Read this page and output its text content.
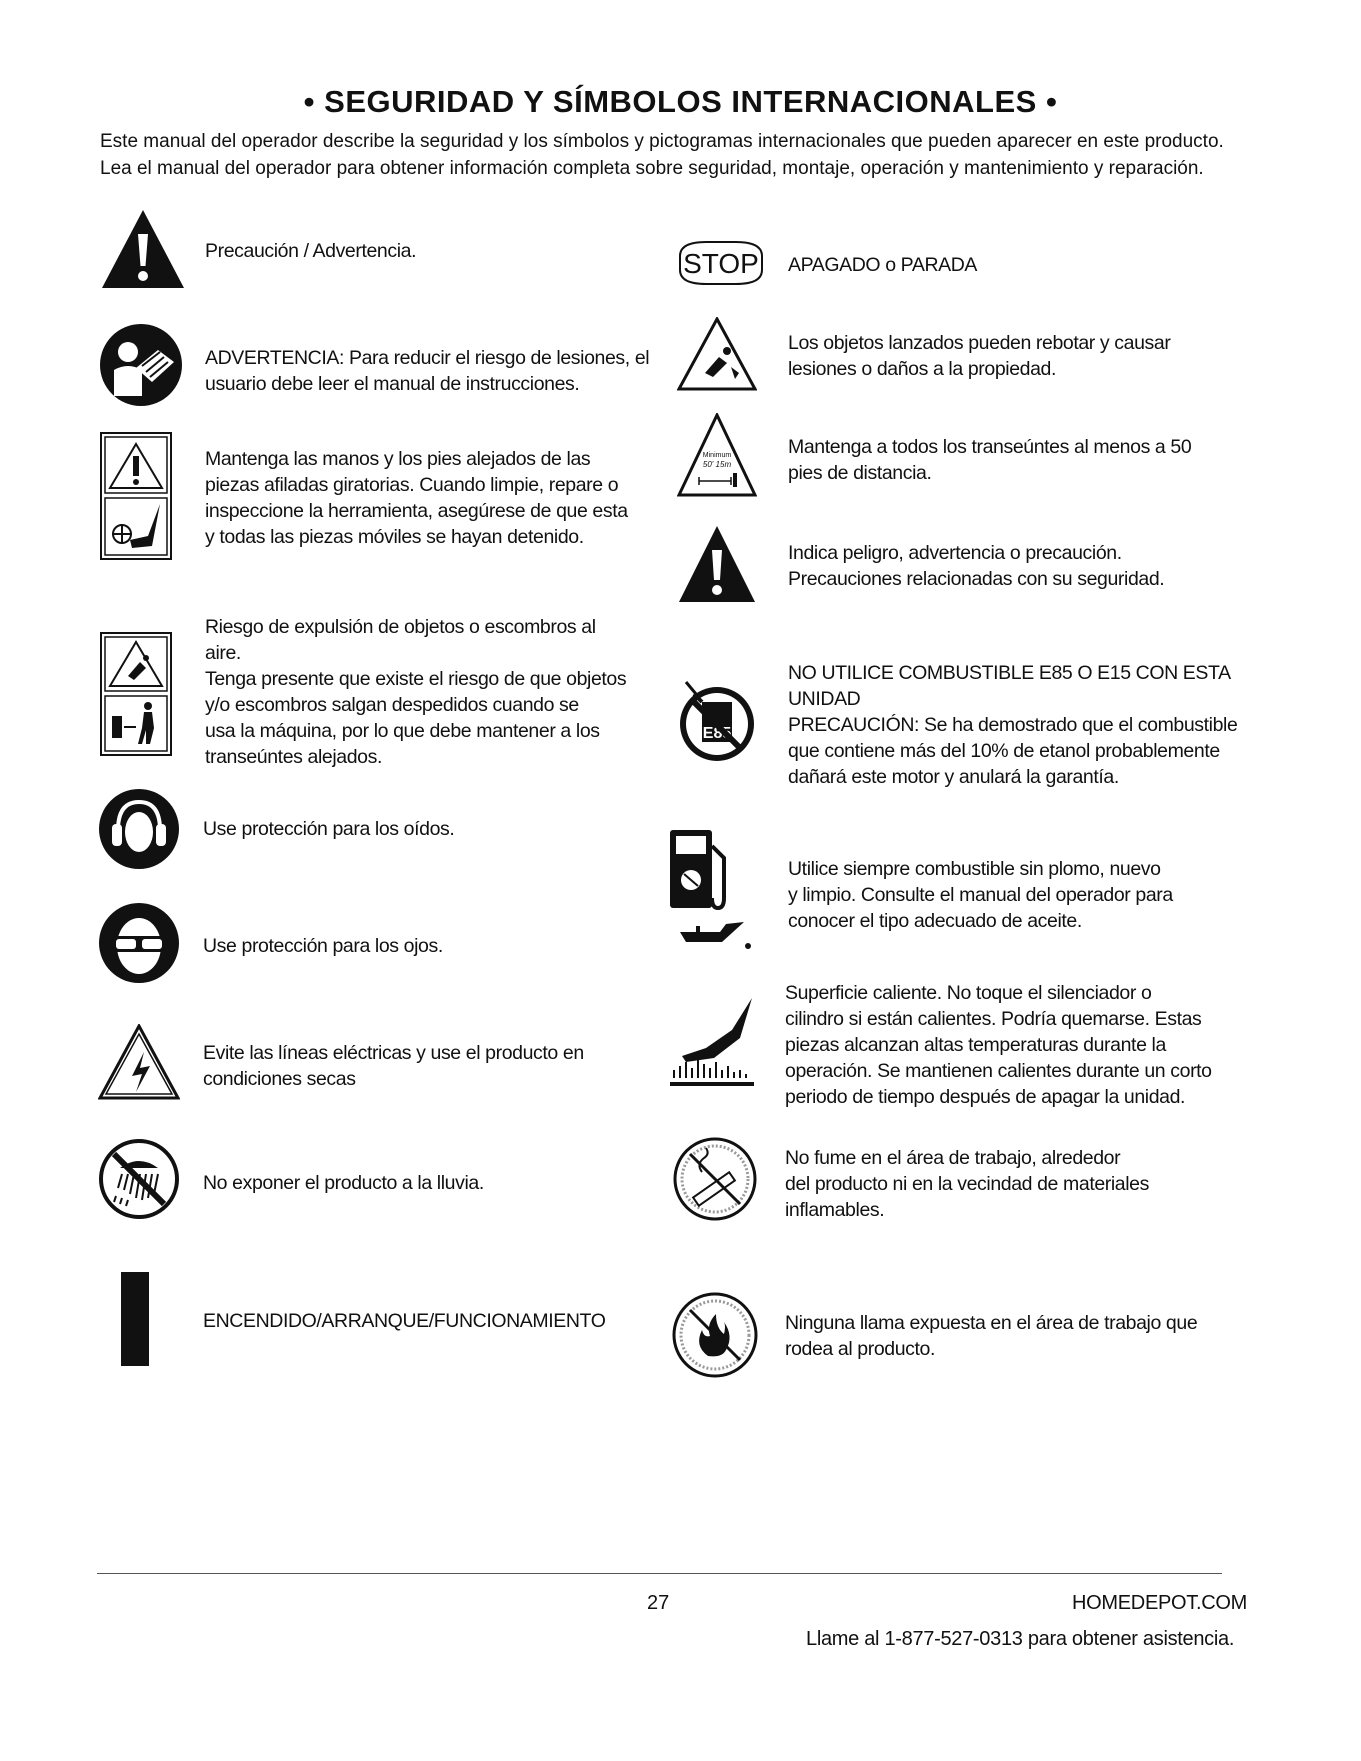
• SEGURIDAD Y SÍMBOLOS INTERNACIONALES •
Este manual del operador describe la seguridad y los símbolos y pictogramas internacionales que pueden aparecer en este producto.
Lea el manual del operador para obtener información completa sobre seguridad, montaje, operación y mantenimiento y reparación.
Precaución / Advertencia.
ADVERTENCIA: Para reducir el riesgo de lesiones, el
usuario debe leer el manual de instrucciones.
Mantenga las manos y los pies alejados de las
piezas afiladas giratorias. Cuando limpie, repare o
inspeccione la herramienta, asegúrese de que esta
y todas las piezas móviles se hayan detenido.
Riesgo de expulsión de objetos o escombros al
aire.
Tenga presente que existe el riesgo de que objetos
y/o escombros salgan despedidos cuando se
usa la máquina, por lo que debe mantener a los
transeúntes alejados.
Use protección para los oídos.
Use protección para los ojos.
Evite las líneas eléctricas y use el producto en
condiciones secas
No exponer el producto a la lluvia.
ENCENDIDO/ARRANQUE/FUNCIONAMIENTO
STOP APAGADO o PARADA
Los objetos lanzados pueden rebotar y causar
lesiones o daños a la propiedad.
Minimum
50' 15m
Mantenga a todos los transeúntes al menos a 50
pies de distancia.
Indica peligro, advertencia o precaución.
Precauciones relacionadas con su seguridad.
E85
NO UTILICE COMBUSTIBLE E85 O E15 CON ESTA
UNIDAD
PRECAUCIÓN: Se ha demostrado que el combustible
que contiene más del 10% de etanol probablemente
dañará este motor y anulará la garantía.
Utilice siempre combustible sin plomo, nuevo
y limpio. Consulte el manual del operador para
conocer el tipo adecuado de aceite.
Superficie caliente. No toque el silenciador o
cilindro si están calientes. Podría quemarse. Estas
piezas alcanzan altas temperaturas durante la
operación. Se mantienen calientes durante un corto
periodo de tiempo después de apagar la unidad.
No fume en el área de trabajo, alrededor
del producto ni en la vecindad de materiales
inflamables.
Ninguna llama expuesta en el área de trabajo que
rodea al producto.
27	HOMEDEPOT.COM
Llame al 1-877-527-0313 para obtener asistencia.
